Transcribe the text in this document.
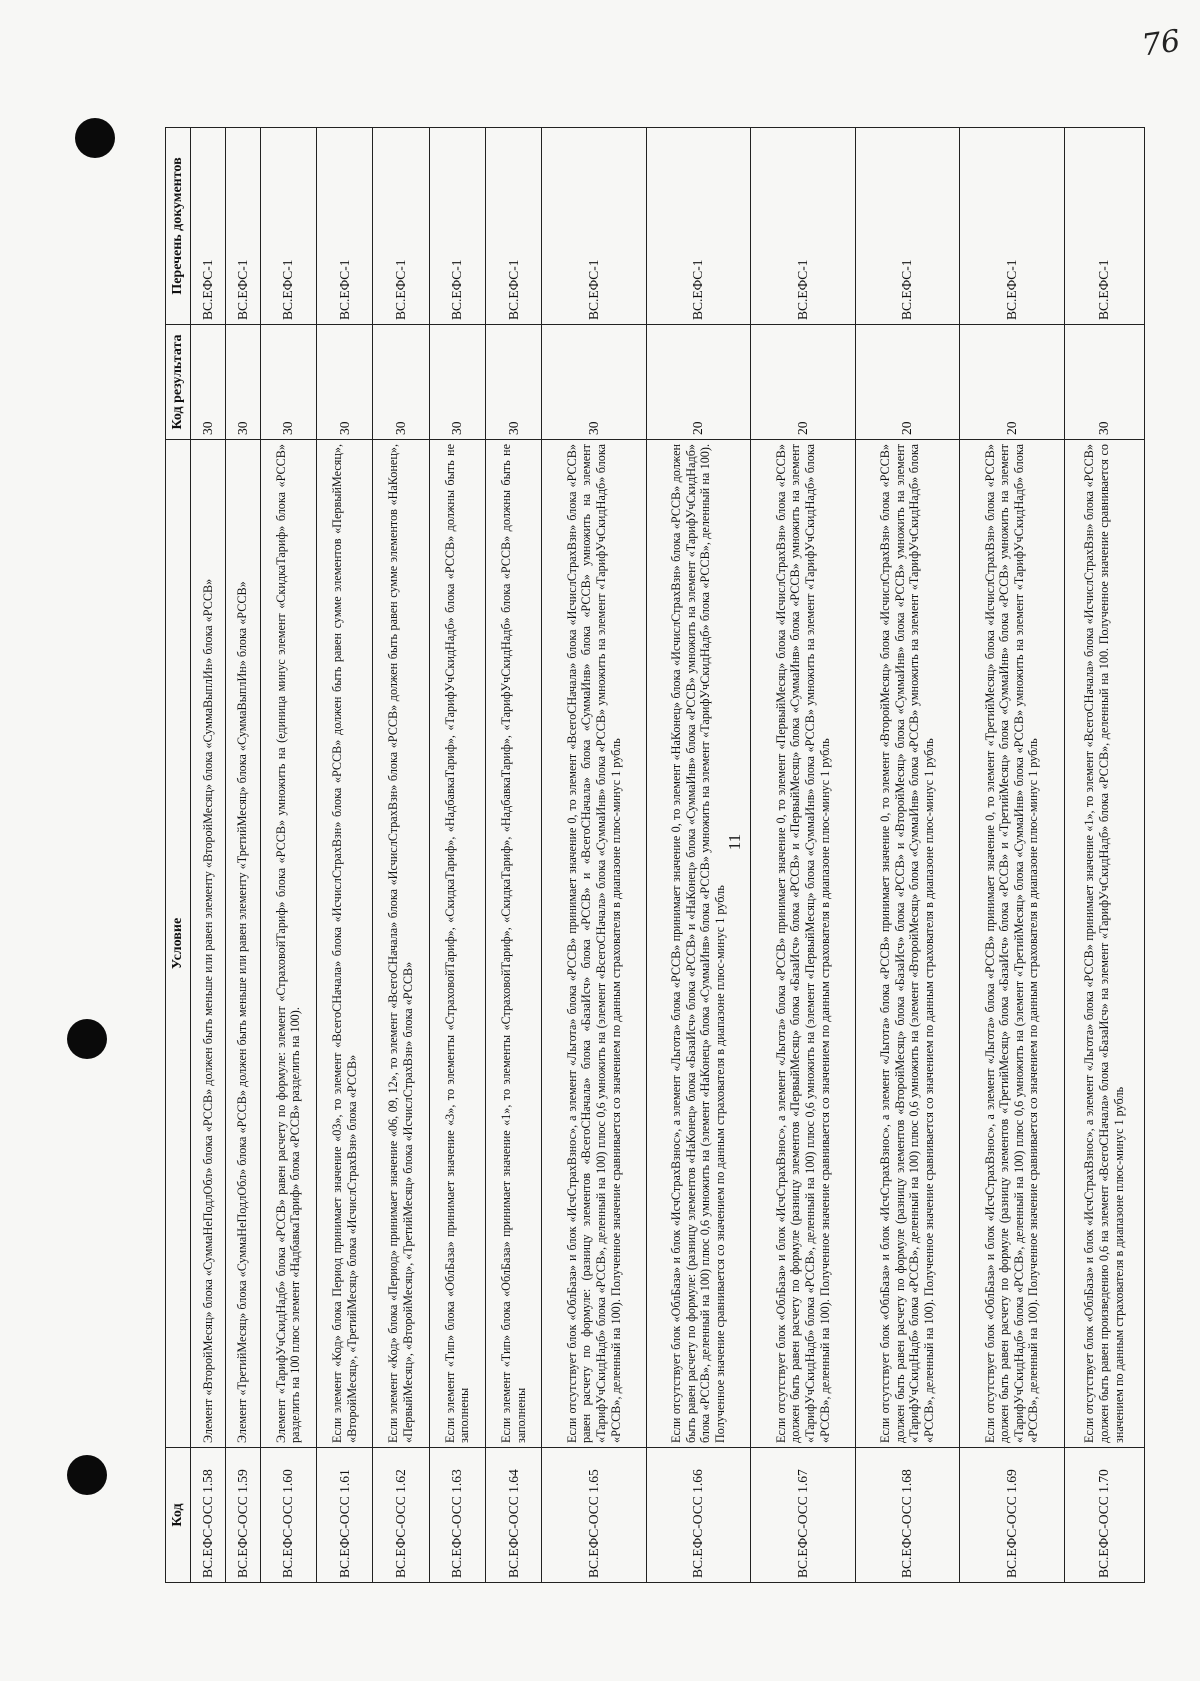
76
11
Код	Условие	Код результата	Перечень документов
ВС.ЕФС-ОСС 1.58	Элемент «ВторойМесяц» блока «СуммаНеПодлОбл» блока «РССВ» должен быть меньше или равен элементу «ВторойМесяц» блока «СуммаВыплИн» блока «РССВ»	30	ВС.ЕФС-1
ВС.ЕФС-ОСС 1.59	Элемент «ТретийМесяц» блока «СуммаНеПодлОбл» блока «РССВ» должен быть меньше или равен элементу «ТретийМесяц» блока «СуммаВыплИн» блока «РССВ»	30	ВС.ЕФС-1
ВС.ЕФС-ОСС 1.60	Элемент «ТарифУчСкидНадб» блока «РССВ» равен расчету по формуле: элемент «СтраховойТариф» блока «РССВ» умножить на (единица минус элемент «СкидкаТариф» блока «РССВ» разделить на 100 плюс элемент «НадбавкаТариф» блока «РССВ» разделить на 100).	30	ВС.ЕФС-1
ВС.ЕФС-ОСС 1.61	Если элемент «Код» блока Период принимает значение «03», то элемент «ВсегоСНачала» блока «ИсчислСтрахВзн» блока «РССВ» должен быть равен сумме элементов «ПервыйМесяц», «ВторойМесяц», «ТретийМесяц» блока «ИсчислСтрахВзн» блока «РССВ»	30	ВС.ЕФС-1
ВС.ЕФС-ОСС 1.62	Если элемент «Код» блока «Период» принимает значение «06, 09, 12», то элемент «ВсегоСНачала» блока «ИсчислСтрахВзн» блока «РССВ» должен быть равен сумме элементов «НаКонец», «ПервыйМесяц», «ВторойМесяц», «ТретийМесяц» блока «ИсчислСтрахВзн» блока «РССВ»	30	ВС.ЕФС-1
ВС.ЕФС-ОСС 1.63	Если элемент «Тип» блока «ОблБаза» принимает значение «3», то элементы «СтраховойТариф», «СкидкаТариф», «НадбавкаТариф», «ТарифУчСкидНадб» блока «РССВ» должны быть не заполнены	30	ВС.ЕФС-1
ВС.ЕФС-ОСС 1.64	Если элемент «Тип» блока «ОблБаза» принимает значение «1», то элементы «СтраховойТариф», «СкидкаТариф», «НадбавкаТариф», «ТарифУчСкидНадб» блока «РССВ» должны быть не заполнены	30	ВС.ЕФС-1
ВС.ЕФС-ОСС 1.65	Если отсутствует блок «ОблБаза» и блок «ИсчСтрахВзнос», а элемент «Льгота» блока «РССВ» принимает значение 0, то элемент «ВсегоСНачала» блока «ИсчислСтрахВзн» блока «РССВ» равен расчету по формуле: (разницу элементов «ВсегоСНачала» блока «БазаИсч» блока «РССВ» и «ВсегоСНачала» блока «СуммаИнв» блока «РССВ» умножить на элемент «ТарифУчСкидНадб» блока «РССВ», деленный на 100) плюс 0,6 умножить на (элемент «ВсегоСНачала» блока «СуммаИнв» блока «РССВ» умножить на элемент «ТарифУчСкидНадб» блока «РССВ», деленный на 100). Полученное значение сравнивается со значением по данным страхователя в диапазоне плюс-минус 1 рубль	30	ВС.ЕФС-1
ВС.ЕФС-ОСС 1.66	Если отсутствует блок «ОблБаза» и блок «ИсчСтрахВзнос», а элемент «Льгота» блока «РССВ» принимает значение 0, то элемент «НаКонец» блока «ИсчислСтрахВзн» блока «РССВ» должен быть равен расчету по формуле: (разницу элементов «НаКонец» блока «БазаИсч» блока «РССВ» и «НаКонец» блока «СуммаИнв» блока «РССВ» умножить на элемент «ТарифУчСкидНадб» блока «РССВ», деленный на 100) плюс 0,6 умножить на (элемент «НаКонец» блока «СуммаИнв» блока «РССВ» умножить на элемент «ТарифУчСкидНадб» блока «РССВ», деленный на 100). Полученное значение сравнивается со значением по данным страхователя в диапазоне плюс-минус 1 рубль	20	ВС.ЕФС-1
ВС.ЕФС-ОСС 1.67	Если отсутствует блок «ОблБаза» и блок «ИсчСтрахВзнос», а элемент «Льгота» блока «РССВ» принимает значение 0, то элемент «ПервыйМесяц» блока «ИсчислСтрахВзн» блока «РССВ» должен быть равен расчету по формуле (разницу элементов «ПервыйМесяц» блока «БазаИсч» блока «РССВ» и «ПервыйМесяц» блока «СуммаИнв» блока «РССВ» умножить на элемент «ТарифУчСкидНадб» блока «РССВ», деленный на 100) плюс 0,6 умножить на (элемент «ПервыйМесяц» блока «СуммаИнв» блока «РССВ» умножить на элемент «ТарифУчСкидНадб» блока «РССВ», деленный на 100). Полученное значение сравнивается со значением по данным страхователя в диапазоне плюс-минус 1 рубль	20	ВС.ЕФС-1
ВС.ЕФС-ОСС 1.68	Если отсутствует блок «ОблБаза» и блок «ИсчСтрахВзнос», а элемент «Льгота» блока «РССВ» принимает значение 0, то элемент «ВторойМесяц» блока «ИсчислСтрахВзн» блока «РССВ» должен быть равен расчету по формуле (разницу элементов «ВторойМесяц» блока «БазаИсч» блока «РССВ» и «ВторойМесяц» блока «СуммаИнв» блока «РССВ» умножить на элемент «ТарифУчСкидНадб» блока «РССВ», деленный на 100) плюс 0,6 умножить на (элемент «ВторойМесяц» блока «СуммаИнв» блока «РССВ» умножить на элемент «ТарифУчСкидНадб» блока «РССВ», деленный на 100). Полученное значение сравнивается со значением по данным страхователя в диапазоне плюс-минус 1 рубль	20	ВС.ЕФС-1
ВС.ЕФС-ОСС 1.69	Если отсутствует блок «ОблБаза» и блок «ИсчСтрахВзнос», а элемент «Льгота» блока «РССВ» принимает значение 0, то элемент «ТретийМесяц» блока «ИсчислСтрахВзн» блока «РССВ» должен быть равен расчету по формуле (разницу элементов «ТретийМесяц» блока «БазаИсч» блока «РССВ» и «ТретийМесяц» блока «СуммаИнв» блока «РССВ» умножить на элемент «ТарифУчСкидНадб» блока «РССВ», деленный на 100) плюс 0,6 умножить на (элемент «ТретийМесяц» блока «СуммаИнв» блока «РССВ» умножить на элемент «ТарифУчСкидНадб» блока «РССВ», деленный на 100). Полученное значение сравнивается со значением по данным страхователя в диапазоне плюс-минус 1 рубль	20	ВС.ЕФС-1
ВС.ЕФС-ОСС 1.70	Если отсутствует блок «ОблБаза» и блок «ИсчСтрахВзнос», а элемент «Льгота» блока «РССВ» принимает значение «1», то элемент «ВсегоСНачала» блока «ИсчислСтрахВзн» блока «РССВ» должен быть равен произведению 0,6 на элемент «ВсегоСНачала» блока «БазаИсч» на элемент «ТарифУчСкидНадб» блока «РССВ», деленный на 100. Полученное значение сравнивается со значением по данным страхователя в диапазоне плюс-минус 1 рубль	30	ВС.ЕФС-1
